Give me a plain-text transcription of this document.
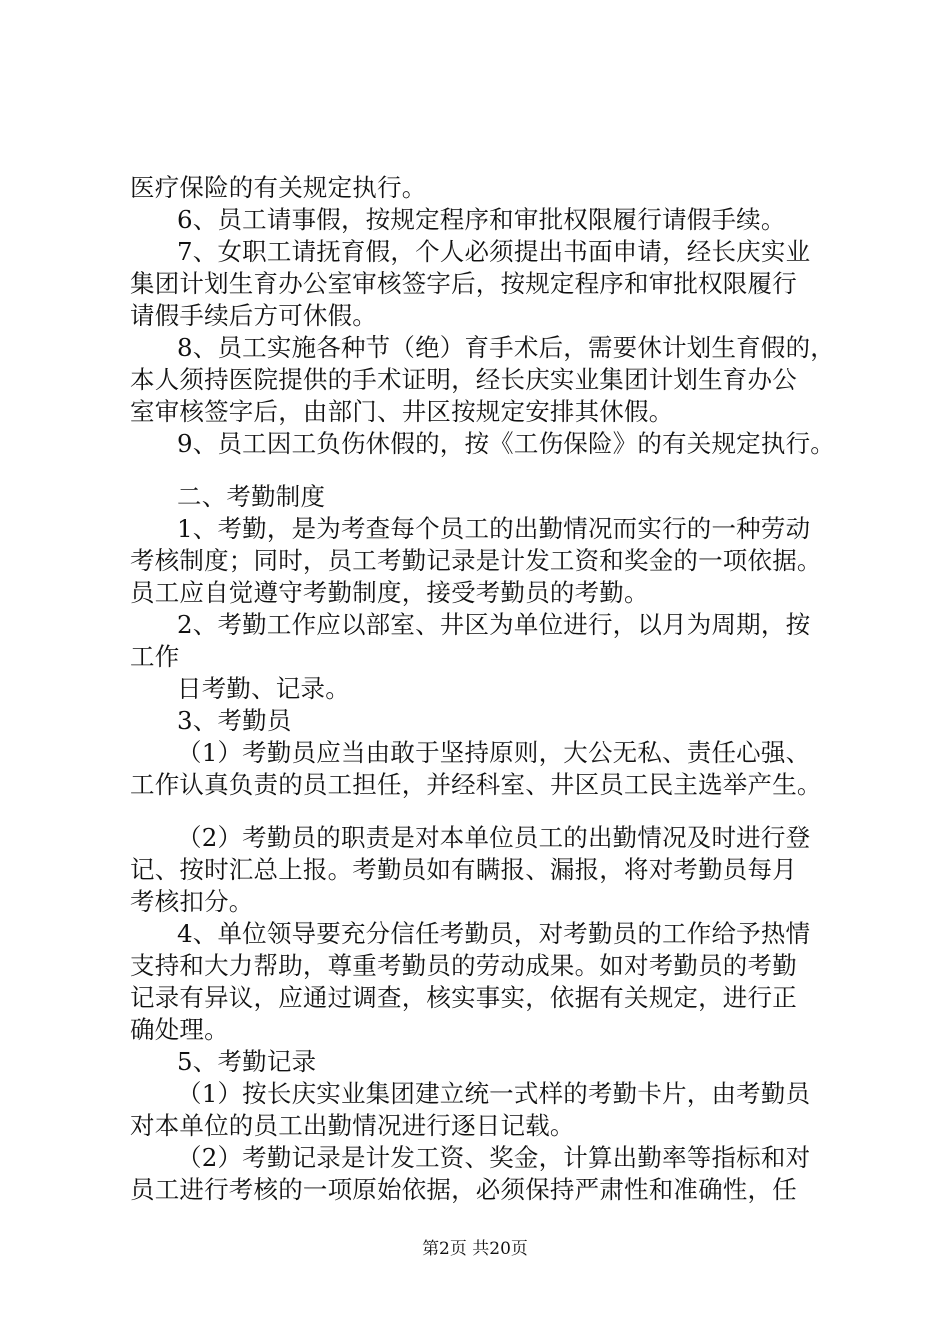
医疗保险的有关规定执行。
6、员工请事假，按规定程序和审批权限履行请假手续。
7、女职工请抚育假，个人必须提出书面申请，经长庆实业
集团计划生育办公室审核签字后，按规定程序和审批权限履行
请假手续后方可休假。
8、员工实施各种节（绝）育手术后，需要休计划生育假的，
本人须持医院提供的手术证明，经长庆实业集团计划生育办公
室审核签字后，由部门、井区按规定安排其休假。
9、员工因工负伤休假的，按《工伤保险》的有关规定执行。
二、考勤制度
1、考勤，是为考查每个员工的出勤情况而实行的一种劳动
考核制度；同时，员工考勤记录是计发工资和奖金的一项依据。
员工应自觉遵守考勤制度，接受考勤员的考勤。
2、考勤工作应以部室、井区为单位进行，以月为周期，按
工作
日考勤、记录。
3、考勤员
（1）考勤员应当由敢于坚持原则，大公无私、责任心强、
工作认真负责的员工担任，并经科室、井区员工民主选举产生。
（2）考勤员的职责是对本单位员工的出勤情况及时进行登
记、按时汇总上报。考勤员如有瞒报、漏报，将对考勤员每月
考核扣分。
4、单位领导要充分信任考勤员，对考勤员的工作给予热情
支持和大力帮助，尊重考勤员的劳动成果。如对考勤员的考勤
记录有异议，应通过调查，核实事实，依据有关规定，进行正
确处理。
5、考勤记录
（1）按长庆实业集团建立统一式样的考勤卡片，由考勤员
对本单位的员工出勤情况进行逐日记载。
（2）考勤记录是计发工资、奖金，计算出勤率等指标和对
员工进行考核的一项原始依据，必须保持严肃性和准确性，任
第2页 共20页
